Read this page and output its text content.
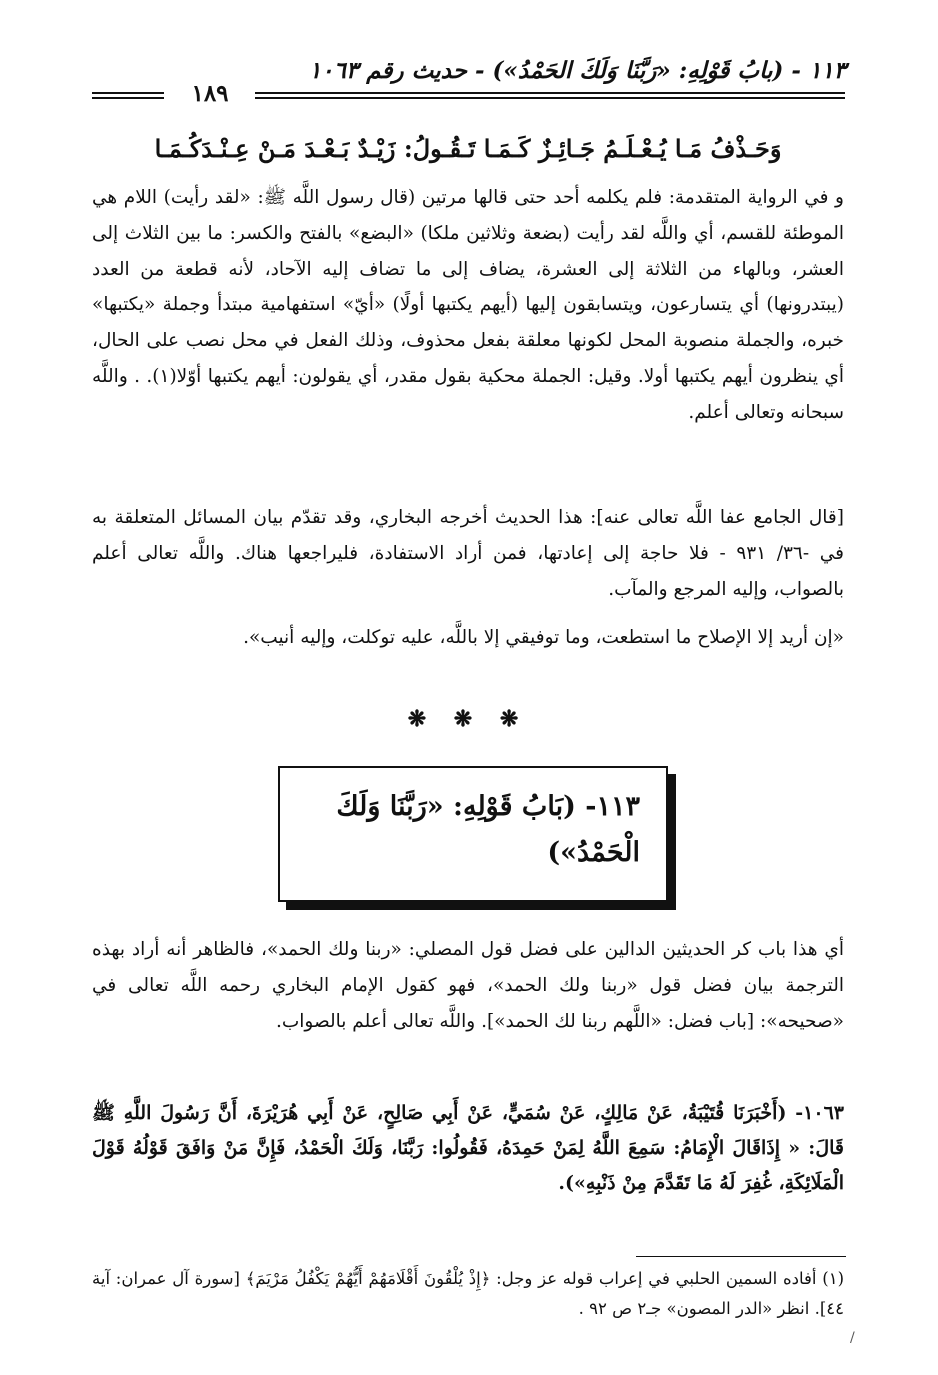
١١٣ - (بابُ قَوْلِهِ: «رَبَّنَا وَلَكَ الحَمْدُ») - حديث رقم ١٠٦٣
١٨٩
وَحَـذْفُ مَـا يُـعْـلَـمُ جَـائِـزٌ كَـمَـا تَـقُـولُ: زَيْـدٌ بَـعْـدَ مَـنْ عِـنْـدَكُـمَـا

و في الرواية المتقدمة: فلم يكلمه أحد حتى قالها مرتين (قال رسول اللَّه ﷺ: «لقد رأيت) اللام هي الموطئة للقسم، أي واللَّه لقد رأيت (بضعة وثلاثين ملكا) «البضع» بالفتح والكسر: ما بين الثلاث إلى العشر، وبالهاء من الثلاثة إلى العشرة، يضاف إلى ما تضاف إليه الآحاد، لأنه قطعة من العدد (يبتدرونها) أي يتسارعون، ويتسابقون إليها (أيهم يكتبها أولًا) «أيّ» استفهامية مبتدأ وجملة «يكتبها» خبره، والجملة منصوبة المحل لكونها معلقة بفعل محذوف، وذلك الفعل في محل نصب على الحال، أي ينظرون أيهم يكتبها أولا. وقيل: الجملة محكية بقول مقدر، أي يقولون: أيهم يكتبها أوّلا(١). . واللَّه سبحانه وتعالى أعلم.

[قال الجامع عفا اللَّه تعالى عنه]: هذا الحديث أخرجه البخاري، وقد تقدّم بيان المسائل المتعلقة به في -٣٦/ ٩٣١ - فلا حاجة إلى إعادتها، فمن أراد الاستفادة، فليراجعها هناك. واللَّه تعالى أعلم بالصواب، وإليه المرجع والمآب.

«إن أريد إلا الإصلاح ما استطعت، وما توفيقي إلا باللَّه، عليه توكلت، وإليه أنيب».

❋ ❋ ❋
١١٣- (بَابُ قَوْلِهِ: «رَبَّنَا وَلَكَ الْحَمْدُ»)

أي هذا باب كر الحديثين الدالين على فضل قول المصلي: «ربنا ولك الحمد»، فالظاهر أنه أراد بهذه الترجمة بيان فضل قول «ربنا ولك الحمد»، فهو كقول الإمام البخاري رحمه اللَّه تعالى في «صحيحه»: [باب فضل: «اللَّهم ربنا لك الحمد»]. واللَّه تعالى أعلم بالصواب.

١٠٦٣- (أَخْبَرَنَا قُتَيْبَةُ، عَنْ مَالِكٍ، عَنْ سُمَيٍّ، عَنْ أَبِي صَالِحٍ، عَنْ أَبِي هُرَيْرَةَ، أَنَّ رَسُولَ اللَّهِ ﷺ قَالَ: « إِذَاقَالَ الْإِمَامُ: سَمِعَ اللَّهُ لِمَنْ حَمِدَهُ، فَقُولُوا: رَبَّنَا، وَلَكَ الْحَمْدُ، فَإِنَّ مَنْ وَافَقَ قَوْلُهُ قَوْلَ الْمَلَائِكَةِ، غُفِرَ لَهُ مَا تَقَدَّمَ مِنْ ذَنْبِهِ»).

(١) أفاده السمين الحلبي في إعراب قوله عز وجل: ﴿إِذْ يُلْقُونَ أَقْلَامَهُمْ أَيُّهُمْ يَكْفُلُ مَرْيَمَ﴾ [سورة آل عمران: آية ٤٤]. انظر «الدر المصون» جـ٢ ص ٩٢ .

/
